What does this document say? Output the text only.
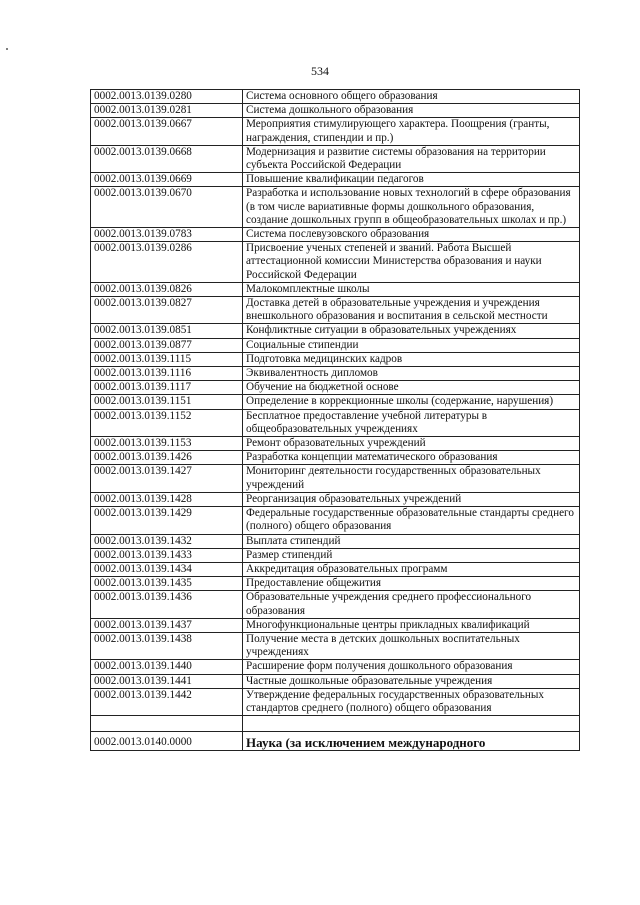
534
0002.0013.0139.0280	Система основного общего образования
0002.0013.0139.0281	Система дошкольного образования
0002.0013.0139.0667	Мероприятия стимулирующего характера. Поощрения (гранты, награждения, стипендии и пр.)
0002.0013.0139.0668	Модернизация и развитие системы образования на территории субъекта Российской Федерации
0002.0013.0139.0669	Повышение квалификации педагогов
0002.0013.0139.0670	Разработка и использование новых технологий в сфере образования (в том числе вариативные формы дошкольного образования, создание дошкольных групп в общеобразовательных школах и пр.)
0002.0013.0139.0783	Система послевузовского образования
0002.0013.0139.0286	Присвоение ученых степеней и званий. Работа Высшей аттестационной комиссии Министерства образования и науки Российской Федерации
0002.0013.0139.0826	Малокомплектные школы
0002.0013.0139.0827	Доставка детей в образовательные учреждения и учреждения внешкольного образования и воспитания в сельской местности
0002.0013.0139.0851	Конфликтные ситуации в образовательных учреждениях
0002.0013.0139.0877	Социальные стипендии
0002.0013.0139.1115	Подготовка медицинских кадров
0002.0013.0139.1116	Эквивалентность дипломов
0002.0013.0139.1117	Обучение на бюджетной основе
0002.0013.0139.1151	Определение в коррекционные школы (содержание, нарушения)
0002.0013.0139.1152	Бесплатное предоставление учебной литературы в общеобразовательных учреждениях
0002.0013.0139.1153	Ремонт образовательных учреждений
0002.0013.0139.1426	Разработка концепции математического образования
0002.0013.0139.1427	Мониторинг деятельности государственных образовательных учреждений
0002.0013.0139.1428	Реорганизация образовательных учреждений
0002.0013.0139.1429	Федеральные государственные образовательные стандарты среднего (полного) общего образования
0002.0013.0139.1432	Выплата стипендий
0002.0013.0139.1433	Размер стипендий
0002.0013.0139.1434	Аккредитация образовательных программ
0002.0013.0139.1435	Предоставление общежития
0002.0013.0139.1436	Образовательные учреждения среднего профессионального образования
0002.0013.0139.1437	Многофункциональные центры прикладных квалификаций
0002.0013.0139.1438	Получение места в детских дошкольных воспитательных учреждениях
0002.0013.0139.1440	Расширение форм получения дошкольного образования
0002.0013.0139.1441	Частные дошкольные образовательные учреждения
0002.0013.0139.1442	Утверждение федеральных государственных образовательных стандартов среднего (полного) общего образования

0002.0013.0140.0000	Наука (за исключением международного
